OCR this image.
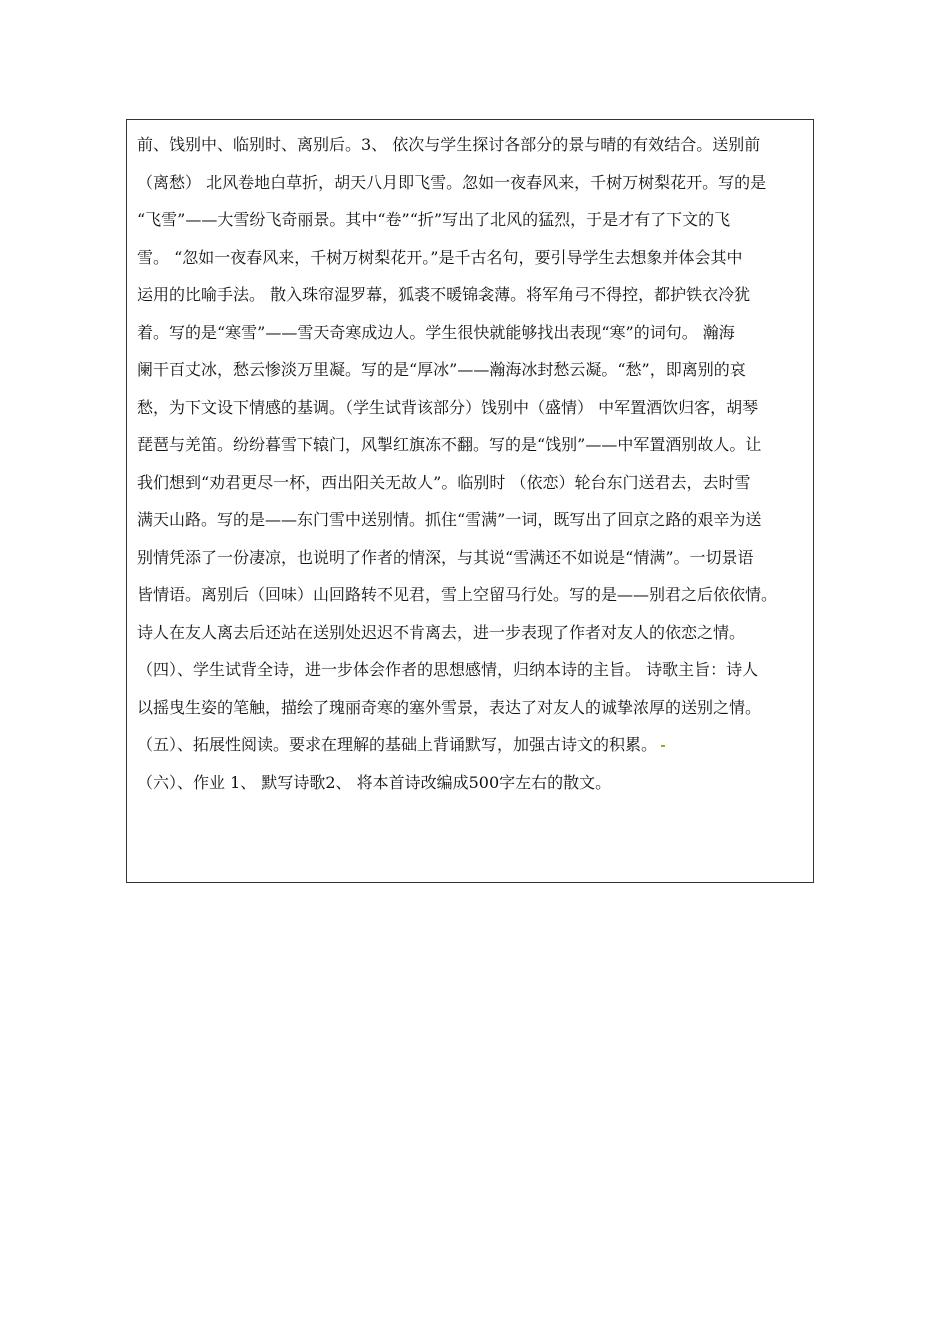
前、饯别中、临别时、离别后。3、 依次与学生探讨各部分的景与晴的有效结合。送别前
（离愁） 北风卷地白草折，胡天八月即飞雪。忽如一夜春风来，千树万树梨花开。写的是
“飞雪”——大雪纷飞奇丽景。其中“卷”“折”写出了北风的猛烈，于是才有了下文的飞
雪。 “忽如一夜春风来，千树万树梨花开。”是千古名句，要引导学生去想象并体会其中
运用的比喻手法。 散入珠帘湿罗幕，狐裘不暖锦衾薄。将军角弓不得控，都护铁衣冷犹
着。写的是“寒雪”——雪天奇寒成边人。学生很快就能够找出表现“寒”的词句。 瀚海
阑干百丈冰，愁云惨淡万里凝。写的是“厚冰”——瀚海冰封愁云凝。“愁”，即离别的哀
愁，为下文设下情感的基调。（学生试背该部分）饯别中（盛情） 中军置酒饮归客，胡琴
琵琶与羌笛。纷纷暮雪下辕门，风掣红旗冻不翻。写的是“饯别”——中军置酒别故人。让
我们想到“劝君更尽一杯，西出阳关无故人”。临别时 （依恋）轮台东门送君去，去时雪
满天山路。写的是——东门雪中送别情。抓住“雪满”一词，既写出了回京之路的艰辛为送
别情凭添了一份凄凉，也说明了作者的情深，与其说“雪满还不如说是“情满”。一切景语
皆情语。离别后（回味）山回路转不见君，雪上空留马行处。写的是——别君之后依依情。
诗人在友人离去后还站在送别处迟迟不肯离去，进一步表现了作者对友人的依恋之情。
（四）、学生试背全诗，进一步体会作者的思想感情，归纳本诗的主旨。 诗歌主旨：诗人
以摇曳生姿的笔触，描绘了瑰丽奇寒的塞外雪景，表达了对友人的诚挚浓厚的送别之情。
（五）、拓展性阅读。要求在理解的基础上背诵默写，加强古诗文的积累。
（六）、作业 1、 默写诗歌2、 将本首诗改编成500字左右的散文。
